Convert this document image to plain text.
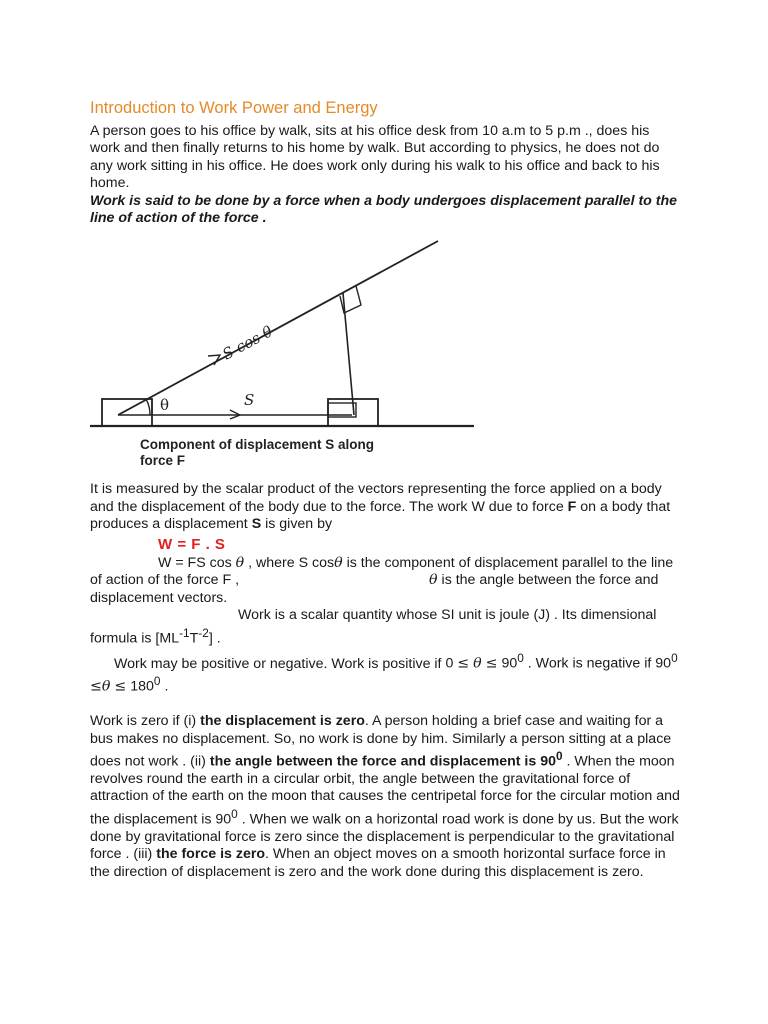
Introduction to Work Power and Energy

A person goes to his office by walk, sits at his office desk from 10 a.m to 5 p.m ., does his work and then finally returns to his home by walk. But according to physics, he does not do any work sitting in his office. He does work only during his walk to his office and back to his home.

Work is said to be done by a force when a body undergoes displacement parallel to the line of action of the force .

θ	S
S cos θ
Component of displacement S along
force F

It is measured by the scalar product of the vectors representing the force applied on a body and the displacement of the body due to the force. The work W due to force F on a body that produces a displacement S is given by

W = F . S

W = FS cos θ , where S cosθ is the component of displacement parallel to the line of action of the force F ,	θ is the angle between the force and displacement vectors.

Work is a scalar quantity whose SI unit is joule (J) . Its dimensional formula is $[ML^{-1}T^{-2}]$ .

Work may be positive or negative. Work is positive if $0 \le \theta \le 90^0$ . Work is negative if $90^0 \le\theta \le 180^0$ .

Work is zero if (i) the displacement is zero. A person holding a brief case and waiting for a bus makes no displacement. So, no work is done by him. Similarly a person sitting at a place does not work . (ii) the angle between the force and displacement is $90^0$ . When the moon revolves round the earth in a circular orbit, the angle between the gravitational force of attraction of the earth on the moon that causes the centripetal force for the circular motion and the displacement is $90^0$ . When we walk on a horizontal road work is done by us. But the work done by gravitational force is zero since the displacement is perpendicular to the gravitational force . (iii) the force is zero. When an object moves on a smooth horizontal surface force in the direction of displacement is zero and the work done during this displacement is zero.
